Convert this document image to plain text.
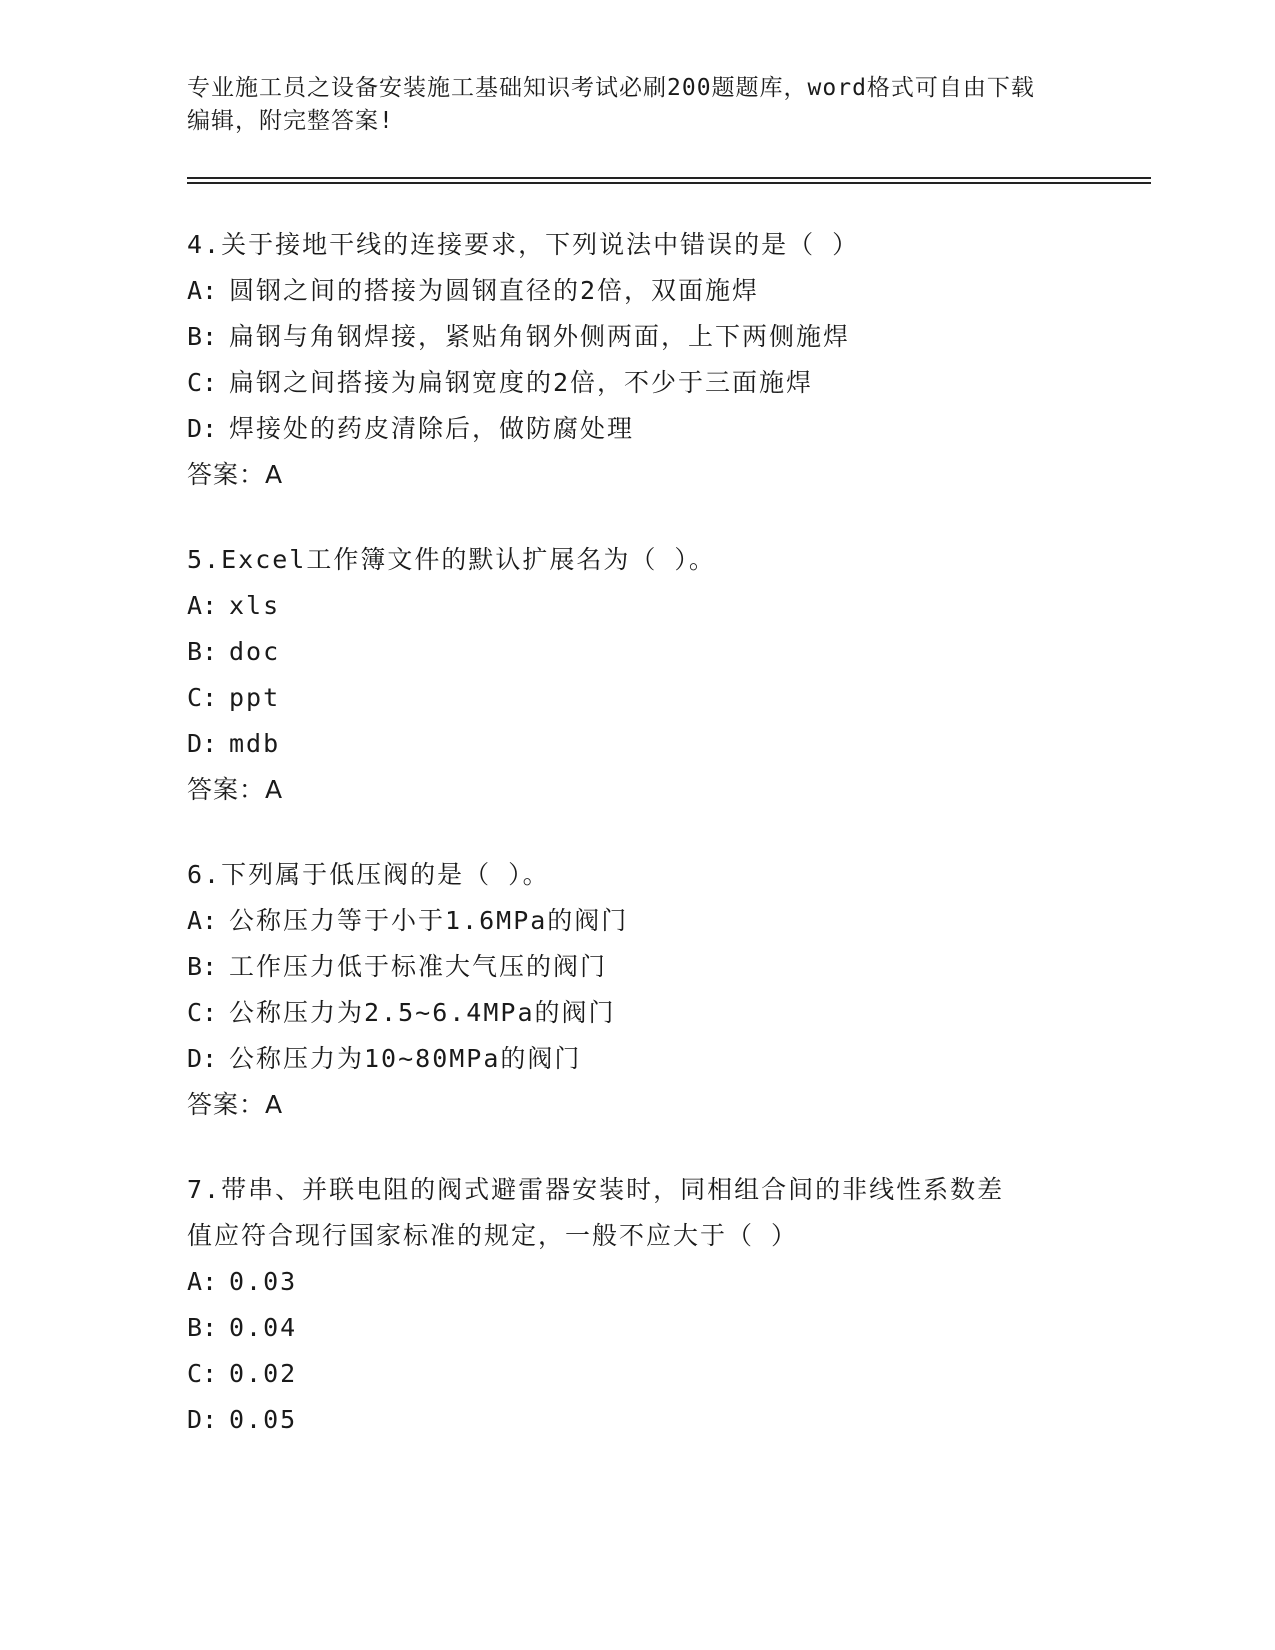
专业施工员之设备安装施工基础知识考试必刷200题题库，word格式可自由下载
编辑，附完整答案!
4.关于接地干线的连接要求，下列说法中错误的是（ ）
A: 圆钢之间的搭接为圆钢直径的2倍，双面施焊
B: 扁钢与角钢焊接，紧贴角钢外侧两面，上下两侧施焊
C: 扁钢之间搭接为扁钢宽度的2倍，不少于三面施焊
D: 焊接处的药皮清除后，做防腐处理
答案：A
5.Excel工作簿文件的默认扩展名为（ ）。
A: xls
B: doc
C: ppt
D: mdb
答案：A
6.下列属于低压阀的是（ ）。
A: 公称压力等于小于1.6MPa的阀门
B: 工作压力低于标准大气压的阀门
C: 公称压力为2.5~6.4MPa的阀门
D: 公称压力为10~80MPa的阀门
答案：A
7.带串、并联电阻的阀式避雷器安装时，同相组合间的非线性系数差
值应符合现行国家标准的规定，一般不应大于（ ）
A: 0.03
B: 0.04
C: 0.02
D: 0.05
